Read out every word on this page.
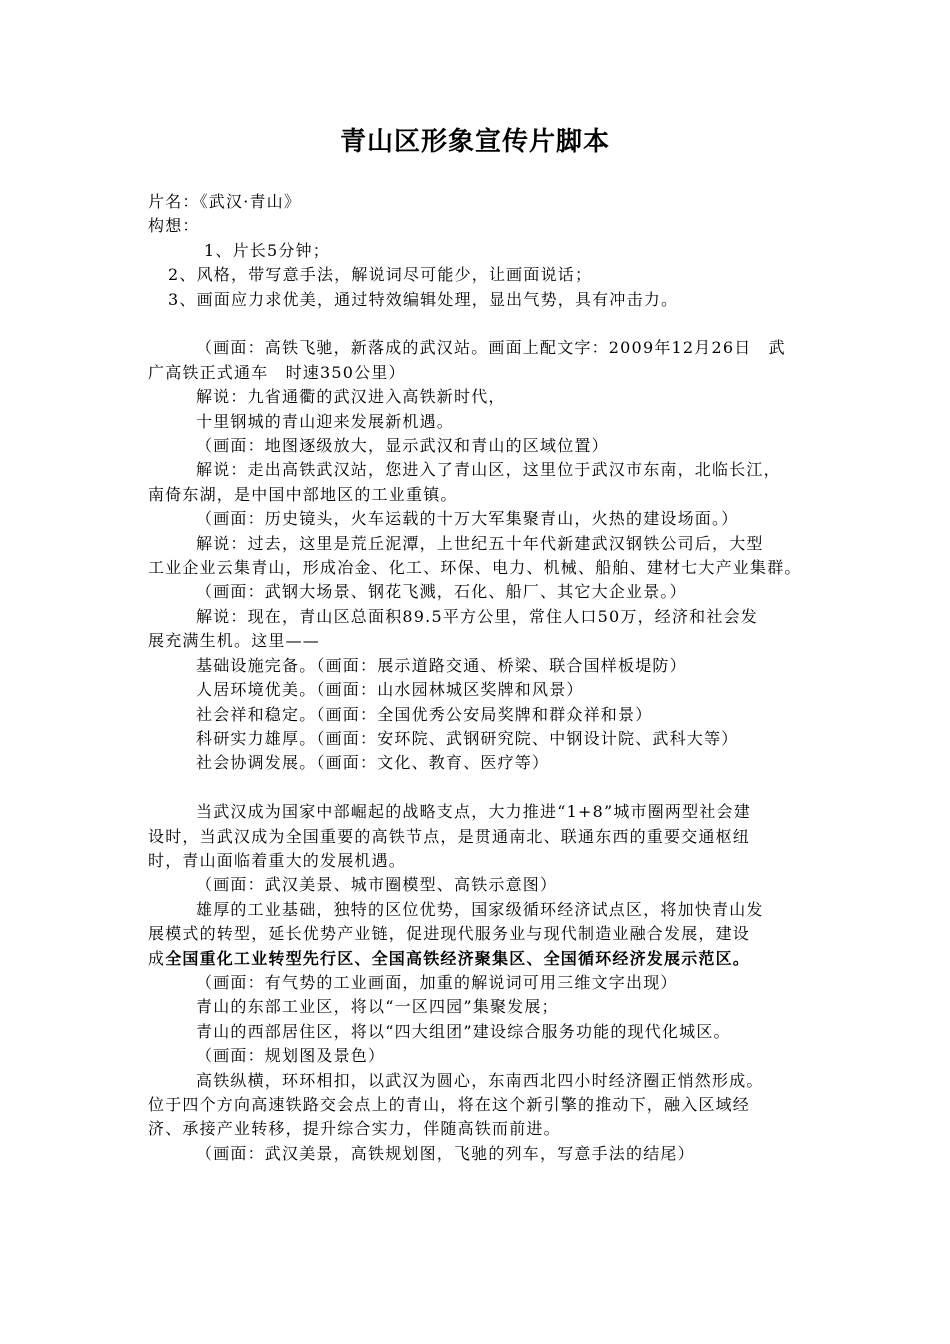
青山区形象宣传片脚本
片名：《武汉·青山》
构想：
1、片长5分钟；
2、风格，带写意手法，解说词尽可能少，让画面说话；
3、画面应力求优美，通过特效编辑处理，显出气势，具有冲击力。
（画面：高铁飞驰，新落成的武汉站。画面上配文字：2009年12月26日　武
广高铁正式通车　时速350公里）
解说：九省通衢的武汉进入高铁新时代，
十里钢城的青山迎来发展新机遇。
（画面：地图逐级放大，显示武汉和青山的区域位置）
解说：走出高铁武汉站，您进入了青山区，这里位于武汉市东南，北临长江，
南倚东湖，是中国中部地区的工业重镇。
（画面：历史镜头，火车运载的十万大军集聚青山，火热的建设场面。）
解说：过去，这里是荒丘泥潭，上世纪五十年代新建武汉钢铁公司后，大型
工业企业云集青山，形成冶金、化工、环保、电力、机械、船舶、建材七大产业集群。
（画面：武钢大场景、钢花飞溅，石化、船厂、其它大企业景。）
解说：现在，青山区总面积89.5平方公里，常住人口50万，经济和社会发
展充满生机。这里——
基础设施完备。（画面：展示道路交通、桥梁、联合国样板堤防）
人居环境优美。（画面：山水园林城区奖牌和风景）
社会祥和稳定。（画面：全国优秀公安局奖牌和群众祥和景）
科研实力雄厚。（画面：安环院、武钢研究院、中钢设计院、武科大等）
社会协调发展。（画面：文化、教育、医疗等）
当武汉成为国家中部崛起的战略支点，大力推进“1+8”城市圈两型社会建
设时，当武汉成为全国重要的高铁节点，是贯通南北、联通东西的重要交通枢纽
时，青山面临着重大的发展机遇。
（画面：武汉美景、城市圈模型、高铁示意图）
雄厚的工业基础，独特的区位优势，国家级循环经济试点区，将加快青山发
展模式的转型，延长优势产业链，促进现代服务业与现代制造业融合发展，建设
成全国重化工业转型先行区、全国高铁经济聚集区、全国循环经济发展示范区。
（画面：有气势的工业画面，加重的解说词可用三维文字出现）
青山的东部工业区，将以“一区四园”集聚发展；
青山的西部居住区，将以“四大组团”建设综合服务功能的现代化城区。
（画面：规划图及景色）
高铁纵横，环环相扣，以武汉为圆心，东南西北四小时经济圈正悄然形成。
位于四个方向高速铁路交会点上的青山，将在这个新引擎的推动下，融入区域经
济、承接产业转移，提升综合实力，伴随高铁而前进。
（画面：武汉美景，高铁规划图，飞驰的列车，写意手法的结尾）
